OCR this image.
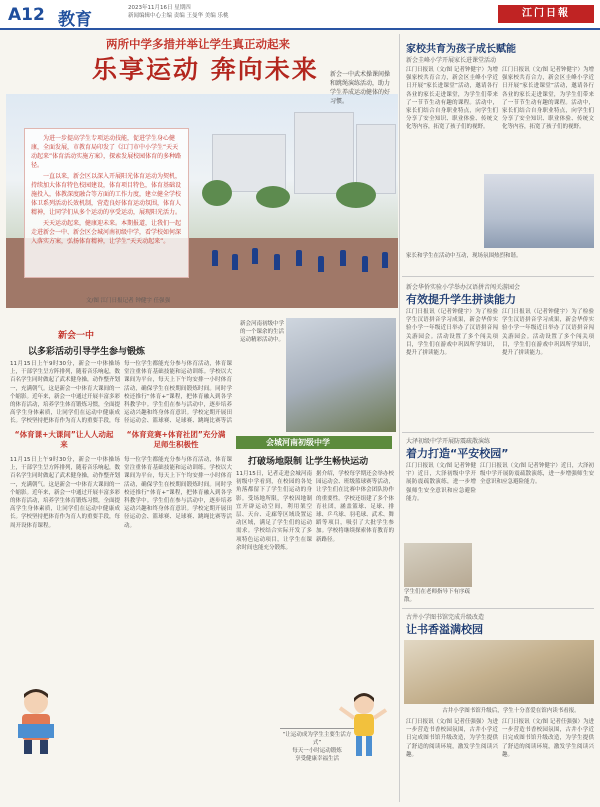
A12 教育
2023年11月16日 星期四
新闻编辑中心主编 责编 王曼华 美编 乐桃	江门日報
两所中学多措并举让学生真正动起来
乐享运动 奔向未来

为进一步提高学生专项运动技能，促进学生身心健康，全面发展，市教育局印发了《江门市中小学生“天天动起来”体育活动实施方案》，探索发展校园体育的多种路径。

一直以来，新会区以深入开展阳光体育运动为契机，持续加大体育特色校园建设，体育项目特色，体育基础设施投入，体教深度融合等方面的工作力度，建立健全学校体卫系列活动长效机制，营造良好体育运动氛围，体育人精神，让同学们从多个运动的享受运动，展现阳光活力。

天天运动起来，健康迎未来。本期报道，让我们一起走进新会一中、新会区会城河南初级中学，看学校如何深入落实方案，弘扬体育精神，让学生“天天动起来”。

新会一中武术操课间操和跳绳演练活动，助力学生养成运动健体的好习惯。
文/图 江门日报记者 钟健宇 任强强
新会河南初级中学的一个课余的生活运动精彩活动中。
新会一中
以多彩活动引导学生参与锻炼
11月15日上午9时30分，新会一中体操场上，干部学生呈方阵排列，随着音乐响起，数百名学生同时做起了武术健身操，动作整齐划一，充满朝气。这是新会一中体育大课间的一个缩影。近年来，新会一中通过开展丰富多彩的体育活动，培养学生体育锻炼习惯，全面提高学生身体素质，让同学们在运动中健康成长。学校坚持把体育作为育人的重要手段，每
每一位学生都能充分参与体育活动，体育课堂注重体育基础技能和运动训练。学校以大课间为平台，每天上下午均安排一小时体育活动，确保学生在校期间锻炼时间。同时学校还推行“体育+”课程，把体育融入到各学科教学中。学生们在参与活动中，逐步培养运动兴趣和终身体育意识。学校定期开展田径运动会、篮球赛、足球赛、跳绳比赛等活
“体育课+大课间”让人人动起来
“体育竞赛+体育社团”充分满足师生积极性	会城河南初级中学
打破场地限制 让学生畅快运动
11月15日上午9时30分，新会一中体操场上，干部学生呈方阵排列，随着音乐响起，数百名学生同时做起了武术健身操，动作整齐划一，充满朝气。这是新会一中体育大课间的一个缩影。近年来，新会一中通过开展丰富多彩的体育活动，培养学生体育锻炼习惯，全面提高学生身体素质，让同学们在运动中健康成长。学校坚持把体育作为育人的重要手段，每周开设体育课程。
每一位学生都能充分参与体育活动，体育课堂注重体育基础技能和运动训练。学校以大课间为平台，每天上下午均安排一小时体育活动，确保学生在校期间锻炼时间。同时学校还推行“体育+”课程，把体育融入到各学科教学中。学生们在参与活动中，逐步培养运动兴趣和终身体育意识。学校定期开展田径运动会、篮球赛、足球赛、跳绳比赛等活动。
11月15日，记者走进会城河南初级中学看到，在校园的各处角落都留下了学生们运动的身影。受场地所限，学校因地制宜开辟运动空间，利用架空层、天台、走廊等区域设置运动区域，满足了学生们的运动需求。学校结合实际开发了多项特色运动项目，让学生在课余时间也能充分锻炼。
据介绍，学校每学期还会举办校园运动会、班级篮球赛等活动，让学生们在比赛中体会团队协作的重要性。学校还组建了多个体育社团，涵盖篮球、足球、排球、乒乓球、羽毛球、武术、舞蹈等项目，吸引了大批学生参加。学校将继续探索体育教育的新路径。
“让运动成为学生主要生活方式”
每天一小时运动锻炼
享受健康幸福生活
家校共育为孩子成长赋能
新会圭峰小学开展家长进课堂活动
江门日报讯（文/图 记者钟健宇）为增强家校共育合力，新会区圭峰小学近日开展“家长进课堂”活动，邀请各行各业的家长走进课堂，为学生们带来了一节节生动有趣的课程。活动中，家长们结合自身职业特点，向学生们分享了安全知识、职业体验、传统文化等内容，拓宽了孩子们的视野。
江门日报讯（文/图 记者钟健宇）为增强家校共育合力，新会区圭峰小学近日开展“家长进课堂”活动，邀请各行各业的家长走进课堂，为学生们带来了一节节生动有趣的课程。活动中，家长们结合自身职业特点，向学生们分享了安全知识、职业体验、传统文化等内容，拓宽了孩子们的视野。
家长和学生在活动中互动，现场氛围热烈和谐。
新会华侨实验小学举办汉语拼音闯关游园会
有效提升学生拼读能力
江门日报讯（记者钟健宇）为了检验学生汉语拼音学习成果，新会华侨实验小学一年级近日举办了汉语拼音闯关游园会。活动设置了多个闯关项目，学生们在游戏中巩固所学知识，提升了拼读能力。
江门日报讯（记者钟健宇）为了检验学生汉语拼音学习成果，新会华侨实验小学一年级近日举办了汉语拼音闯关游园会。活动设置了多个闯关项目，学生们在游戏中巩固所学知识，提升了拼读能力。
大泽初级中学开展防震疏散演练
着力打造“平安校园”
江门日报讯（文/图 记者钟健宇）近日，大泽初级中学开展防震疏散演练，进一步增强师生安全意识和应急避险能力。
江门日报讯（文/图 记者钟健宇）近日，大泽初级中学开展防震疏散演练，进一步增强师生安全意识和应急避险能力。
学生们在老师指导下有序疏散。
古井小学图书馆完成升级改造
让书香溢满校园
古井小学图书馆升级后，学生十分喜爱在馆内读书看报。
江门日报讯（文/图 记者任强强）为进一步营造书香校园氛围，古井小学近日完成图书馆升级改造，为学生提供了舒适的阅读环境，激发学生阅读兴趣。
江门日报讯（文/图 记者任强强）为进一步营造书香校园氛围，古井小学近日完成图书馆升级改造，为学生提供了舒适的阅读环境，激发学生阅读兴趣。
